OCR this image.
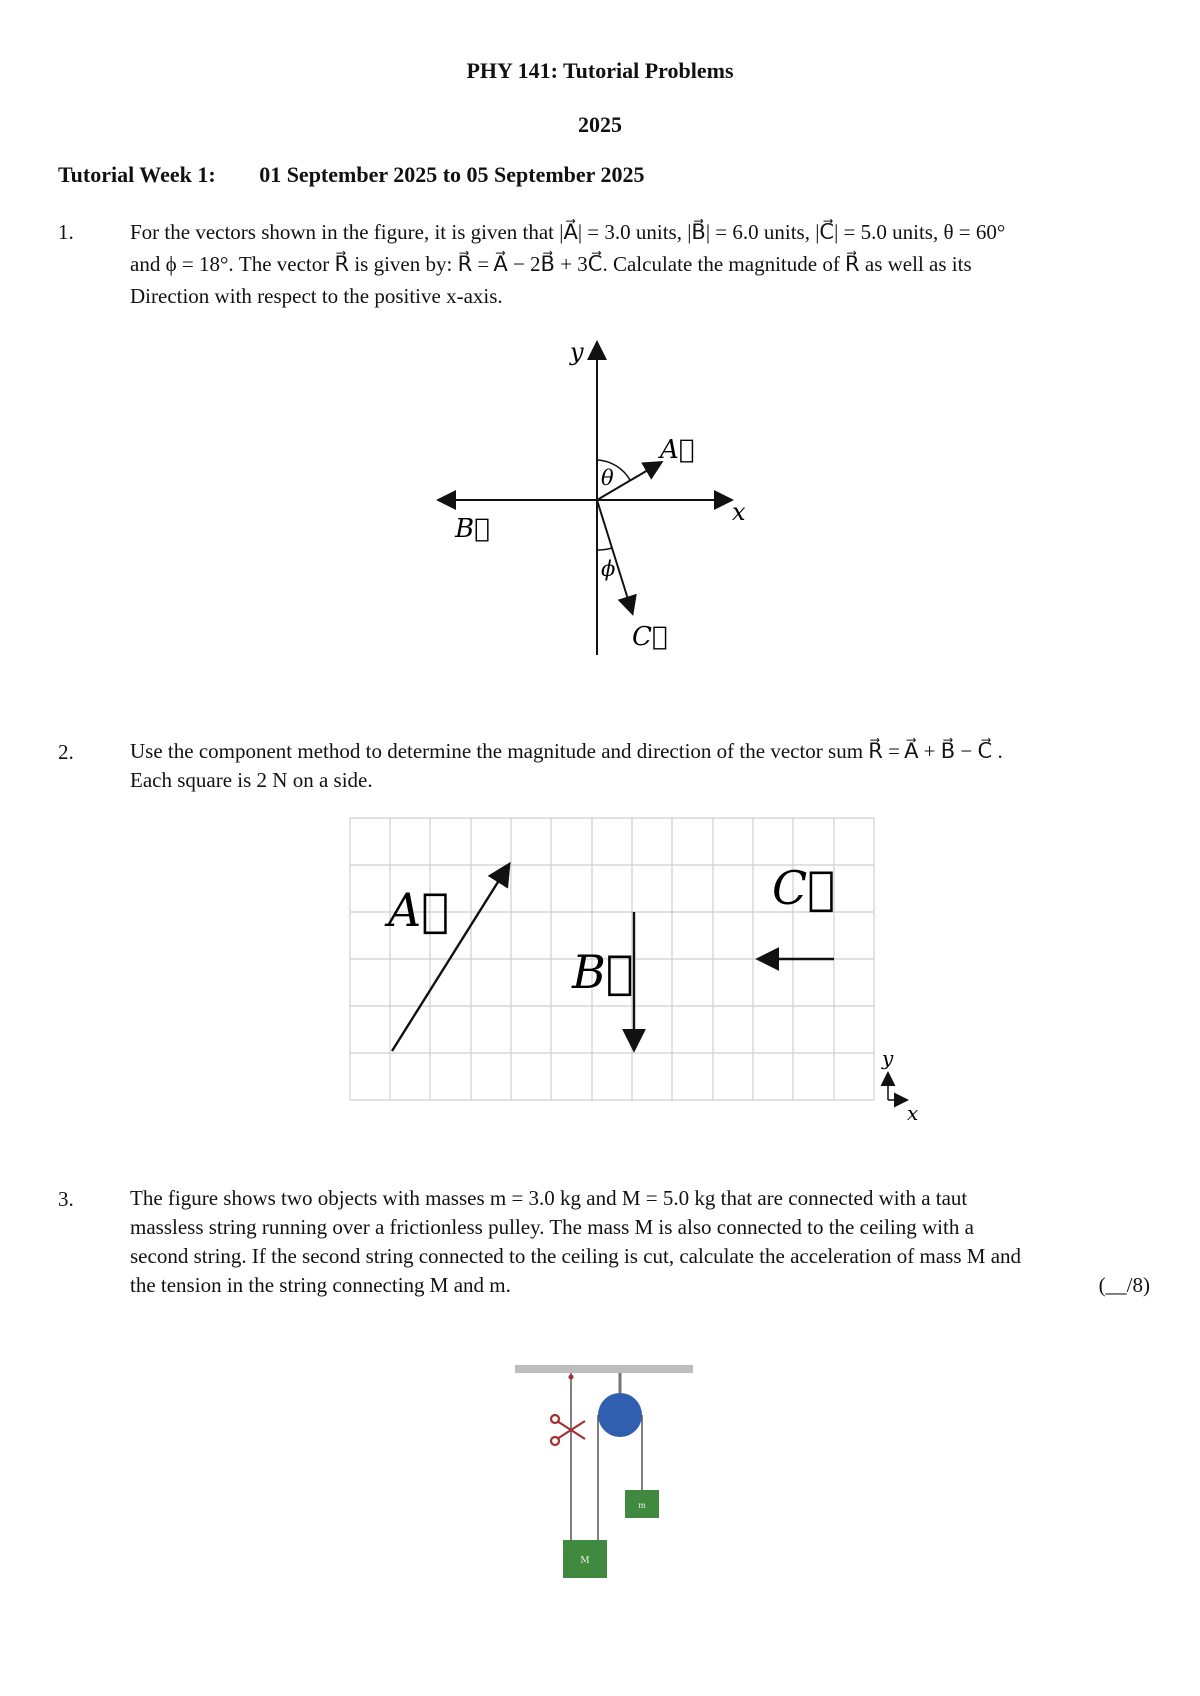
PHY 141: Tutorial Problems
2025
Tutorial Week 1: 01 September 2025 to 05 September 2025
1.	For the vectors shown in the figure, it is given that |A⃗| = 3.0 units, |B⃗| = 6.0 units, |C⃗| = 5.0 units, θ = 60°
and ϕ = 18°. The vector R⃗ is given by: R⃗ = A⃗ − 2B⃗ + 3C⃗. Calculate the magnitude of R⃗ as well as its
Direction with respect to the positive x-axis.
y
x
A⃗
B⃗
C⃗
θ
ϕ
2.	Use the component method to determine the magnitude and direction of the vector sum R⃗ = A⃗ + B⃗ − C⃗ .
Each square is 2 N on a side.
A⃗
B⃗
C⃗
y
x
3.	The figure shows two objects with masses m = 3.0 kg and M = 5.0 kg that are connected with a taut
massless string running over a frictionless pulley. The mass M is also connected to the ceiling with a
second string. If the second string connected to the ceiling is cut, calculate the acceleration of mass M and
the tension in the string connecting M and m.	(__/8)
m
M
